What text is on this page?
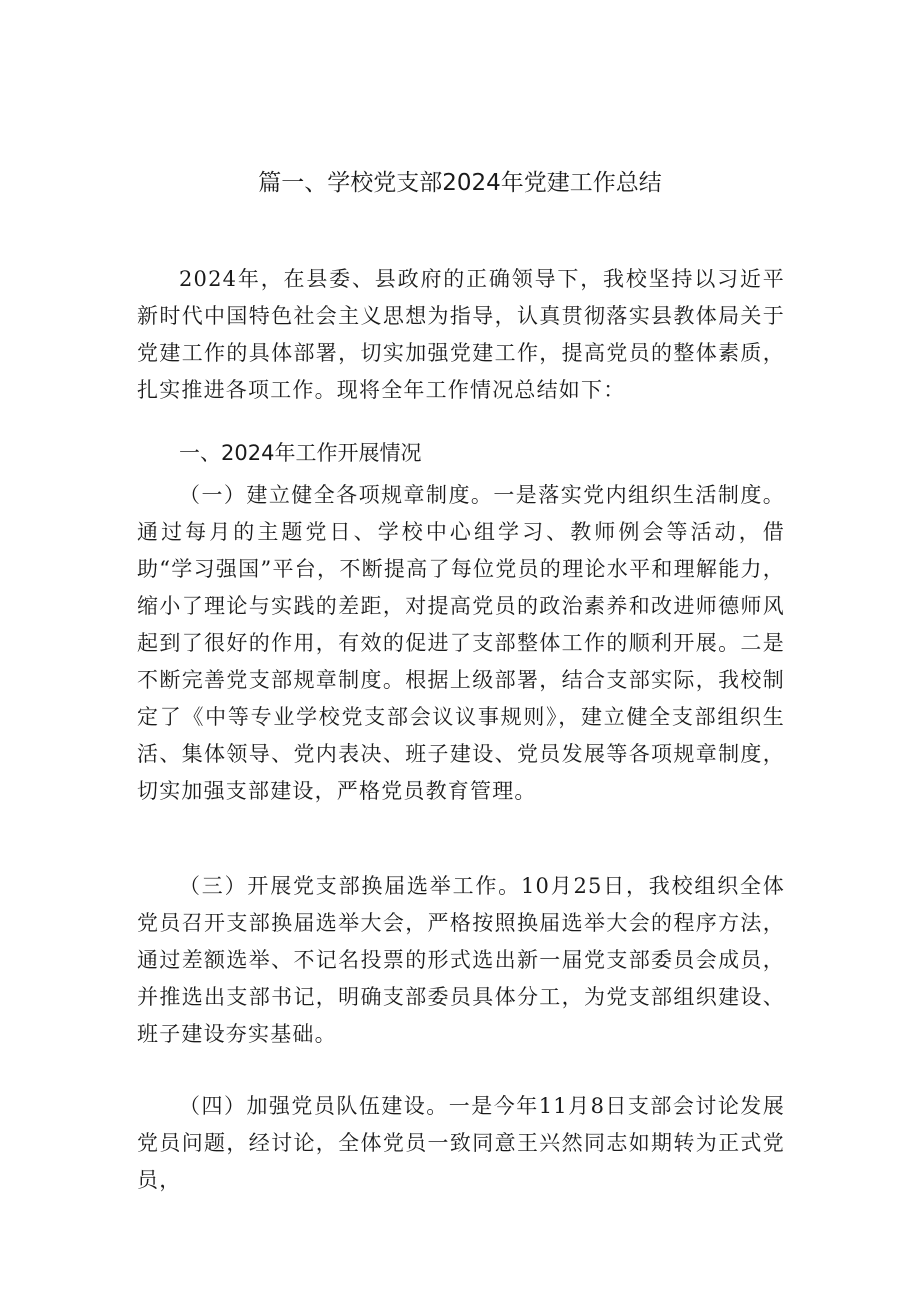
篇一、学校党支部2024年党建工作总结

2024年，在县委、县政府的正确领导下，我校坚持以习近平新时代中国特色社会主义思想为指导，认真贯彻落实县教体局关于党建工作的具体部署，切实加强党建工作，提高党员的整体素质，扎实推进各项工作。现将全年工作情况总结如下：

一、2024年工作开展情况

（一）建立健全各项规章制度。一是落实党内组织生活制度。通过每月的主题党日、学校中心组学习、教师例会等活动，借助“学习强国”平台，不断提高了每位党员的理论水平和理解能力，缩小了理论与实践的差距，对提高党员的政治素养和改进师德师风起到了很好的作用，有效的促进了支部整体工作的顺利开展。二是不断完善党支部规章制度。根据上级部署，结合支部实际，我校制定了《中等专业学校党支部会议议事规则》，建立健全支部组织生活、集体领导、党内表决、班子建设、党员发展等各项规章制度，切实加强支部建设，严格党员教育管理。

（三）开展党支部换届选举工作。10月25日，我校组织全体党员召开支部换届选举大会，严格按照换届选举大会的程序方法，通过差额选举、不记名投票的形式选出新一届党支部委员会成员，并推选出支部书记，明确支部委员具体分工，为党支部组织建设、班子建设夯实基础。

（四）加强党员队伍建设。一是今年11月8日支部会讨论发展党员问题，经讨论，全体党员一致同意王兴然同志如期转为正式党员，
